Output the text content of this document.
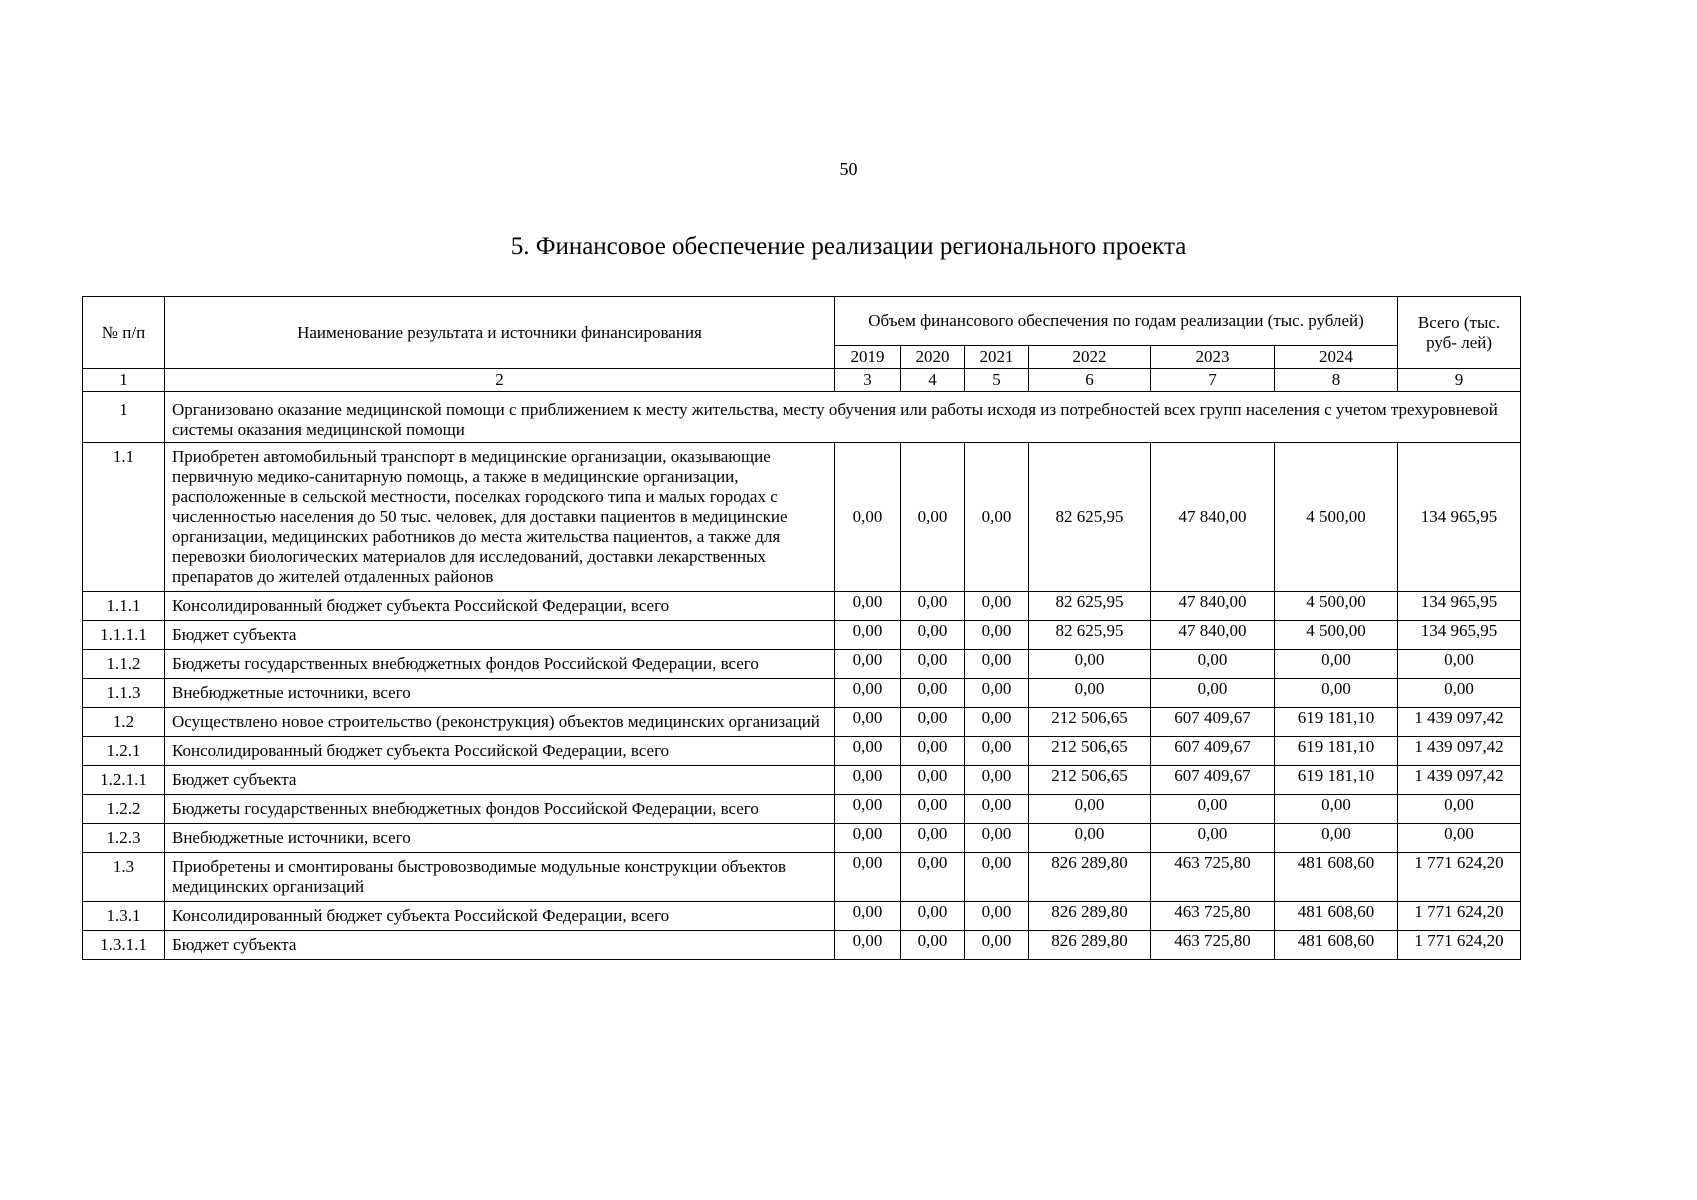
50
5. Финансовое обеспечение реализации регионального проекта
№ п/п	Наименование результата и источники финансирования	Объем финансового обеспечения по годам реализации (тыс. рублей)						Всего (тыс. руб- лей)
		2019	2020	2021	2022	2023	2024	
1	2	3	4	5	6	7	8	9
1	Организовано оказание медицинской помощи с приближением к месту жительства, месту обучения или работы исходя из потребностей всех групп населения с учетом трехуровневой системы оказания медицинской помощи							
1.1	Приобретен автомобильный транспорт в медицинские организации, оказывающие первичную медико-санитарную помощь, а также в медицинские организации, расположенные в сельской местности, поселках городского типа и малых городах с численностью населения до 50 тыс. человек, для доставки пациентов в медицинские организации, медицинских работников до места жительства пациентов, а также для перевозки биологических материалов для исследований, доставки лекарственных препаратов до жителей отдаленных районов	0,00	0,00	0,00	82 625,95	47 840,00	4 500,00	134 965,95
1.1.1	Консолидированный бюджет субъекта Российской Федерации, всего	0,00	0,00	0,00	82 625,95	47 840,00	4 500,00	134 965,95
1.1.1.1	Бюджет субъекта	0,00	0,00	0,00	82 625,95	47 840,00	4 500,00	134 965,95
1.1.2	Бюджеты государственных внебюджетных фондов Российской Федерации, всего	0,00	0,00	0,00	0,00	0,00	0,00	0,00
1.1.3	Внебюджетные источники, всего	0,00	0,00	0,00	0,00	0,00	0,00	0,00
1.2	Осуществлено новое строительство (реконструкция) объектов медицинских организаций	0,00	0,00	0,00	212 506,65	607 409,67	619 181,10	1 439 097,42
1.2.1	Консолидированный бюджет субъекта Российской Федерации, всего	0,00	0,00	0,00	212 506,65	607 409,67	619 181,10	1 439 097,42
1.2.1.1	Бюджет субъекта	0,00	0,00	0,00	212 506,65	607 409,67	619 181,10	1 439 097,42
1.2.2	Бюджеты государственных внебюджетных фондов Российской Федерации, всего	0,00	0,00	0,00	0,00	0,00	0,00	0,00
1.2.3	Внебюджетные источники, всего	0,00	0,00	0,00	0,00	0,00	0,00	0,00
1.3	Приобретены и смонтированы быстровозводимые модульные конструкции объектов медицинских организаций	0,00	0,00	0,00	826 289,80	463 725,80	481 608,60	1 771 624,20
1.3.1	Консолидированный бюджет субъекта Российской Федерации, всего	0,00	0,00	0,00	826 289,80	463 725,80	481 608,60	1 771 624,20
1.3.1.1	Бюджет субъекта	0,00	0,00	0,00	826 289,80	463 725,80	481 608,60	1 771 624,20
